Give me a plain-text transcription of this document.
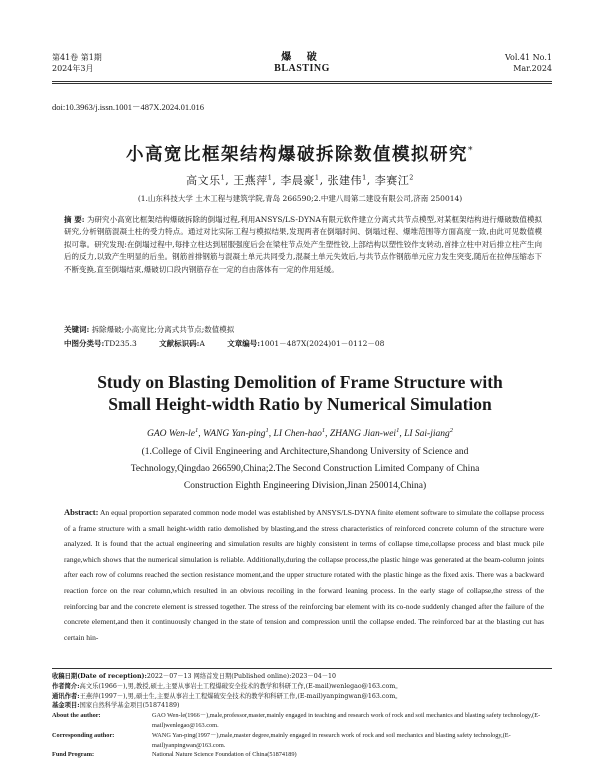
第41卷 第1期
2024年3月
爆 破
BLASTING
Vol.41 No.1
Mar.2024
doi:10.3963/j.issn.1001－487X.2024.01.016
小高宽比框架结构爆破拆除数值模拟研究*
高文乐$^1$, 王燕萍$^1$, 李晨豪$^1$, 张建伟$^1$, 李赛江$^2$
(1.山东科技大学 土木工程与建筑学院,青岛 266590;2.中建八局第二建设有限公司,济南 250014)
摘 要: 为研究小高宽比框架结构爆破拆除的倒塌过程,利用ANSYS/LS-DYNA有限元软件建立分离式共节点模型,对某框架结构进行爆破数值模拟研究,分析钢筋混凝土柱的受力特点。通过对比实际工程与模拟结果,发现两者在倒塌时间、倒塌过程、爆堆范围等方面高度一致,由此可见数值模拟可靠。研究发现:在倒塌过程中,每排立柱达到屈服强度后会在梁柱节点处产生塑性铰,上部结构以塑性铰作支转动,首排立柱中对后排立柱产生向后的反力,以致产生明显的后坐。钢筋首排钢筋与混凝土单元共同受力,混凝土单元失效后,与共节点作钢筋单元应力发生突变,随后在拉伸压缩态下不断变换,直至倒塌结束,爆破切口段内钢筋存在一定的自由落体有一定的作用延缓。
关键词: 拆除爆破;小高宽比;分离式共节点;数值模拟
中图分类号:TD235.3	文献标识码:A	文章编号:1001－487X(2024)01－0112－08
Study on Blasting Demolition of Frame Structure with
Small Height-width Ratio by Numerical Simulation
GAO Wen-$le^1$, WANG Yan-ping$^1$, LI Chen-hao$^1$, ZHANG Jian-wei$^1$, LI Sai-jiang$^2$
(1.College of Civil Engineering and Architecture,Shandong University of Science and Technology,Qingdao 266590,China;2.The Second Construction Limited Company of China Construction Eighth Engineering Division,Jinan 250014,China)
Abstract: An equal proportion separated common node model was established by ANSYS/LS-DYNA finite element software to simulate the collapse process of a frame structure with a small height-width ratio demolished by blasting,and the stress characteristics of reinforced concrete column of the structure were analyzed. It is found that the actual engineering and simulation results are highly consistent in terms of collapse time,collapse process and blast muck pile range,which shows that the numerical simulation is reliable. Additionally,during the collapse process,the plastic hinge was generated at the beam-column joints after each row of columns reached the section resistance moment,and the upper structure rotated with the plastic hinge as the fixed axis. There was a backward reaction force on the rear column,which resulted in an obvious recoiling in the forward leaning process. In the early stage of collapse,the stress of the reinforcing bar and the concrete element is stressed together. The stress of the reinforcing bar element with its co-node suddenly changed after the failure of the concrete element,and then it continuously changed in the state of tension and compression until the collapse ended. The reinforced bar at the blasting cut has certain hin-
收稿日期(Date of reception): 2022－07－13 网络首发日期(Published online):2023－04－10
作者简介: 高文乐(1966－),男,教授,硕士,主要从事岩土工程爆破安全技术的教学和科研工作,(E-mail)wenlegao@163.com。
通讯作者: 王燕萍(1997－),男,硕士生,主要从事岩土工程爆破安全技术的教学和科研工作,(E-mail)yanpingwan@163.com。
基金项目: 国家自然科学基金项目(51874189)
About the author:	GAO Wen-le(1966－),male,professor,master,mainly engaged in teaching and research work of rock and soil mechanics and blasting safety technology,(E-mail)wenlegao@163.com.
Corresponding author:	WANG Yan-ping(1997－),male,master degree,mainly engaged in research work of rock and soil mechanics and blasting safety technology,(E-mail)yanpingwan@163.com.
Fund Program:	National Nature Science Foundation of China(51874189)
